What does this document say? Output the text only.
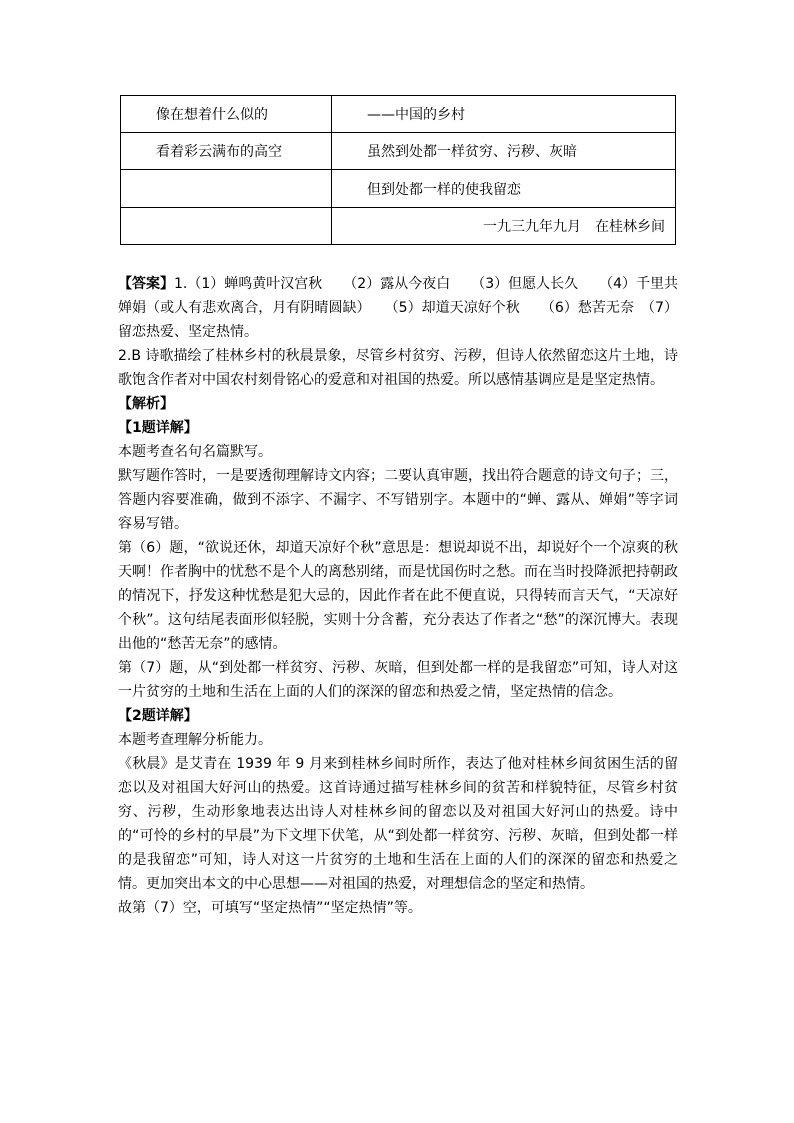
像在想着什么似的	——中国的乡村
看着彩云满布的高空	虽然到处都一样贫穷、污秽、灰暗
	但到处都一样的使我留恋
	一九三九年九月　在桂林乡间

【答案】1.（1）蝉鸣黄叶汉宫秋　　（2）露从今夜白　　（3）但愿人长久　　（4）千里共婵娟（或人有悲欢离合，月有阴晴圆缺）　　（5）却道天凉好个秋　　（6）愁苦无奈　（7）留恋热爱、坚定热情。

2.B 诗歌描绘了桂林乡村的秋晨景象，尽管乡村贫穷、污秽，但诗人依然留恋这片土地，诗歌饱含作者对中国农村刻骨铭心的爱意和对祖国的热爱。所以感情基调应是是坚定热情。

【解析】

【1题详解】

本题考查名句名篇默写。

默写题作答时，一是要透彻理解诗文内容；二要认真审题，找出符合题意的诗文句子；三，答题内容要准确，做到不添字、不漏字、不写错别字。本题中的“蝉、露从、婵娟”等字词容易写错。

第（6）题，“欲说还休，却道天凉好个秋”意思是：想说却说不出，却说好个一个凉爽的秋天啊！作者胸中的忧愁不是个人的离愁别绪，而是忧国伤时之愁。而在当时投降派把持朝政的情况下，抒发这种忧愁是犯大忌的，因此作者在此不便直说，只得转而言天气，“天凉好个秋”。这句结尾表面形似轻脱，实则十分含蓄，充分表达了作者之“愁”的深沉博大。表现出他的“愁苦无奈”的感情。

第（7）题，从“到处都一样贫穷、污秽、灰暗，但到处都一样的是我留恋”可知，诗人对这一片贫穷的土地和生活在上面的人们的深深的留恋和热爱之情，坚定热情的信念。

【2题详解】

本题考查理解分析能力。

《秋晨》是艾青在 1939 年 9 月来到桂林乡间时所作，表达了他对桂林乡间贫困生活的留恋以及对祖国大好河山的热爱。这首诗通过描写桂林乡间的贫苦和样貌特征，尽管乡村贫穷、污秽，生动形象地表达出诗人对桂林乡间的留恋以及对祖国大好河山的热爱。诗中的“可怜的乡村的早晨”为下文埋下伏笔，从“到处都一样贫穷、污秽、灰暗，但到处都一样的是我留恋”可知，诗人对这一片贫穷的土地和生活在上面的人们的深深的留恋和热爱之情。更加突出本文的中心思想——对祖国的热爱，对理想信念的坚定和热情。

故第（7）空，可填写“坚定热情”“坚定热情”等。
